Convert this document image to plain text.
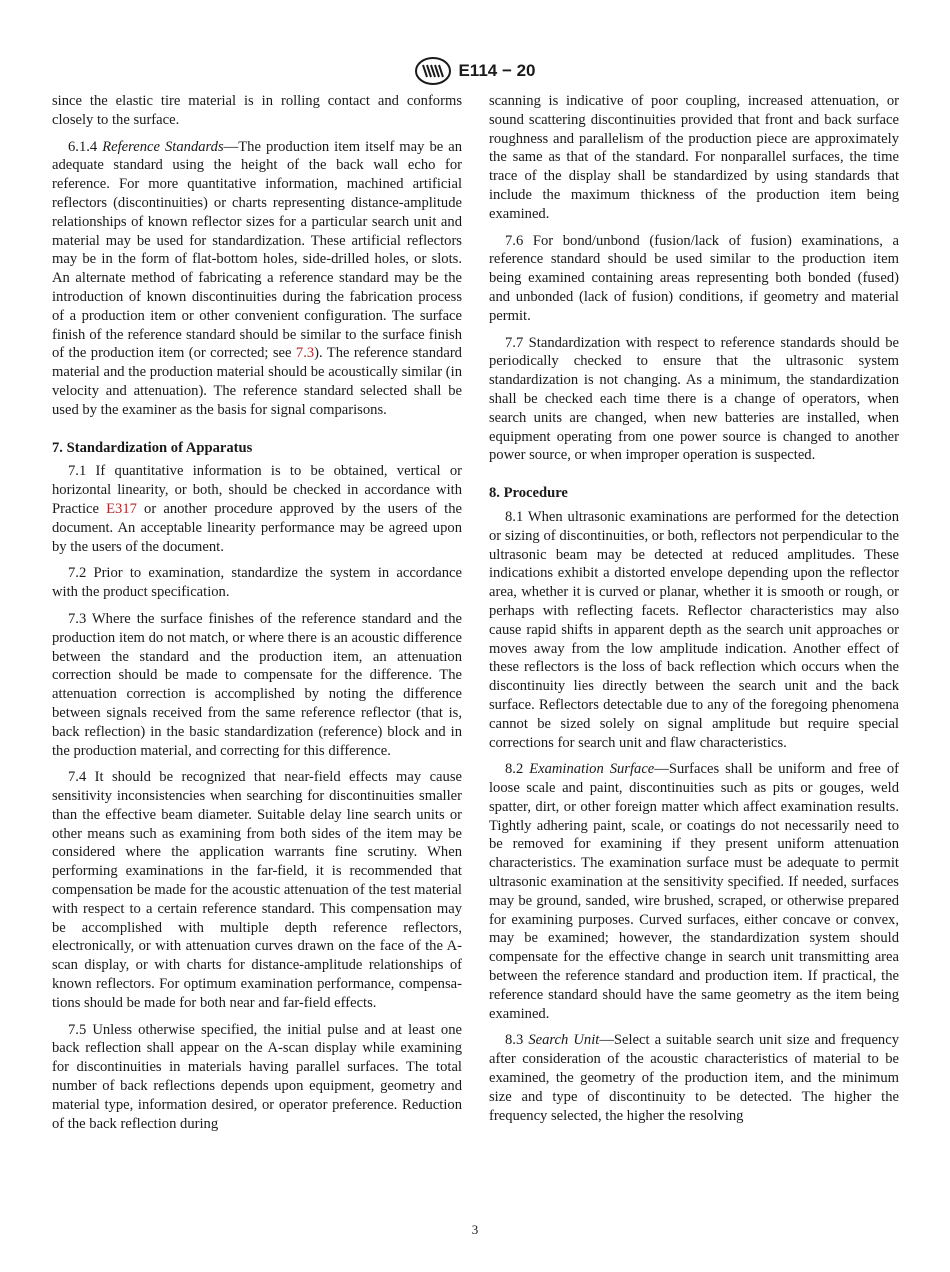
E114 − 20

since the elastic tire material is in rolling contact and conforms closely to the surface.

6.1.4 Reference Standards—The production item itself may be an adequate standard using the height of the back wall echo for reference. For more quantitative information, machined artificial reflectors (discontinuities) or charts representing distance-amplitude relationships of known reflector sizes for a particular search unit and material may be used for standardization. These artificial reflectors may be in the form of flat-bottom holes, side-drilled holes, or slots. An alternate method of fabricating a reference standard may be the introduction of known discontinuities during the fabrication process of a production item or other convenient configuration. The surface finish of the reference standard should be similar to the surface finish of the production item (or corrected; see 7.3). The reference standard material and the production material should be acoustically similar (in velocity and attenuation). The reference standard selected shall be used by the examiner as the basis for signal comparisons.

7. Standardization of Apparatus

7.1 If quantitative information is to be obtained, vertical or horizontal linearity, or both, should be checked in accordance with Practice E317 or another procedure approved by the users of the document. An acceptable linearity performance may be agreed upon by the users of the document.

7.2 Prior to examination, standardize the system in accordance with the product specification.

7.3 Where the surface finishes of the reference standard and the production item do not match, or where there is an acoustic difference between the standard and the production item, an attenuation correction should be made to compensate for the difference. The attenuation correction is accomplished by noting the difference between signals received from the same reference reflector (that is, back reflection) in the basic standardization (reference) block and in the production material, and correcting for this difference.

7.4 It should be recognized that near-field effects may cause sensitivity inconsistencies when searching for discontinuities smaller than the effective beam diameter. Suitable delay line search units or other means such as examining from both sides of the item may be considered where the application warrants fine scrutiny. When performing examinations in the far-field, it is recommended that compensation be made for the acoustic attenuation of the test material with respect to a certain reference standard. This compensation may be accomplished with multiple depth reference reflectors, electronically, or with attenuation curves drawn on the face of the A-scan display, or with charts for distance-amplitude relationships of known reflectors. For optimum examination performance, compensations should be made for both near and far-field effects.

7.5 Unless otherwise specified, the initial pulse and at least one back reflection shall appear on the A-scan display while examining for discontinuities in materials having parallel surfaces. The total number of back reflections depends upon equipment, geometry and material type, information desired, or operator preference. Reduction of the back reflection during

scanning is indicative of poor coupling, increased attenuation, or sound scattering discontinuities provided that front and back surface roughness and parallelism of the production piece are approximately the same as that of the standard. For nonparallel surfaces, the time trace of the display shall be standardized by using standards that include the maximum thickness of the production item being examined.

7.6 For bond/unbond (fusion/lack of fusion) examinations, a reference standard should be used similar to the production item being examined containing areas representing both bonded (fused) and unbonded (lack of fusion) conditions, if geometry and material permit.

7.7 Standardization with respect to reference standards should be periodically checked to ensure that the ultrasonic system standardization is not changing. As a minimum, the standardization shall be checked each time there is a change of operators, when search units are changed, when new batteries are installed, when equipment operating from one power source is changed to another power source, or when improper operation is suspected.

8. Procedure

8.1 When ultrasonic examinations are performed for the detection or sizing of discontinuities, or both, reflectors not perpendicular to the ultrasonic beam may be detected at reduced amplitudes. These indications exhibit a distorted envelope depending upon the reflector area, whether it is curved or planar, whether it is smooth or rough, or perhaps with reflecting facets. Reflector characteristics may also cause rapid shifts in apparent depth as the search unit approaches or moves away from the low amplitude indication. Another effect of these reflectors is the loss of back reflection which occurs when the discontinuity lies directly between the search unit and the back surface. Reflectors detectable due to any of the foregoing phenomena cannot be sized solely on signal amplitude but require special corrections for search unit and flaw characteristics.

8.2 Examination Surface—Surfaces shall be uniform and free of loose scale and paint, discontinuities such as pits or gouges, weld spatter, dirt, or other foreign matter which affect examination results. Tightly adhering paint, scale, or coatings do not necessarily need to be removed for examining if they present uniform attenuation characteristics. The examination surface must be adequate to permit ultrasonic examination at the sensitivity specified. If needed, surfaces may be ground, sanded, wire brushed, scraped, or otherwise prepared for examining purposes. Curved surfaces, either concave or convex, may be examined; however, the standardization system should compensate for the effective change in search unit transmitting area between the reference standard and production item. If practical, the reference standard should have the same geometry as the item being examined.

8.3 Search Unit—Select a suitable search unit size and frequency after consideration of the acoustic characteristics of material to be examined, the geometry of the production item, and the minimum size and type of discontinuity to be detected. The higher the frequency selected, the higher the resolving

3
